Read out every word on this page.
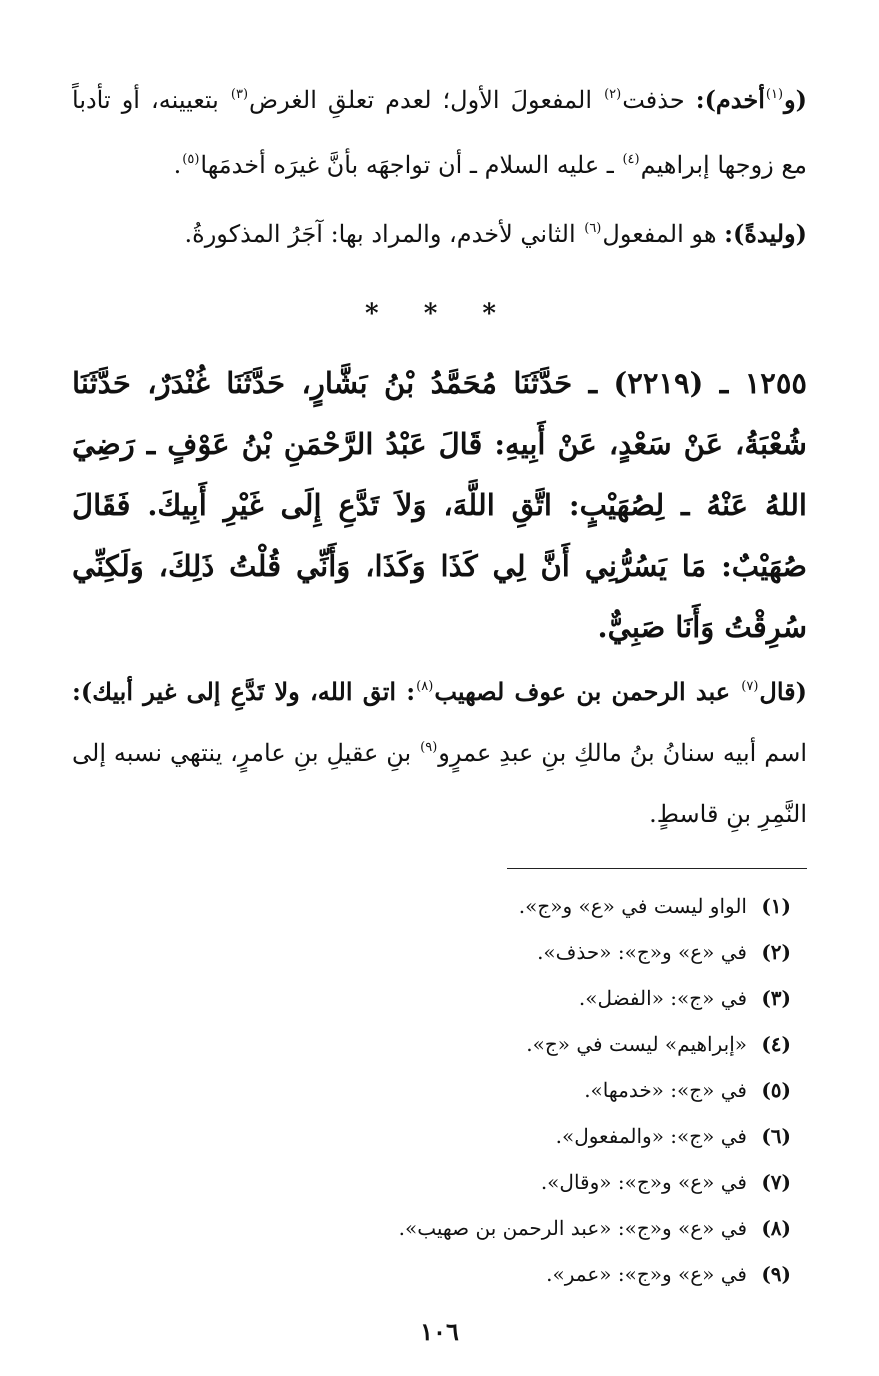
(و$^{(١)}$أخدم): حذفت$^{(٢)}$ المفعولَ الأول؛ لعدم تعلقِ الغرض$^{(٣)}$ بتعيينه، أو تأدباً مع زوجها إبراهيم$^{(٤)}$ ـ عليه السلام ـ أن تواجهَه بأنَّ غيرَه أخدمَها$^{(٥)}$.

(وليدةً): هو المفعول$^{(٦)}$ الثاني لأخدم، والمراد بها: آجَرُ المذكورةُ.

* * *

١٢٥٥ ـ (٢٢١٩) ـ حَدَّثَنَا مُحَمَّدُ بْنُ بَشَّارٍ، حَدَّثَنَا غُنْدَرٌ، حَدَّثَنَا شُعْبَةُ، عَنْ سَعْدٍ، عَنْ أَبِيهِ: قَالَ عَبْدُ الرَّحْمَنِ بْنُ عَوْفٍ ـ رَضِيَ اللهُ عَنْهُ ـ لِصُهَيْبٍ: اتَّقِ اللَّهَ، وَلاَ تَدَّعِ إِلَى غَيْرِ أَبِيكَ. فَقَالَ صُهَيْبٌ: مَا يَسُرُّنِي أَنَّ لِي كَذَا وَكَذَا، وَأَنِّي قُلْتُ ذَلِكَ، وَلَكِنِّي سُرِقْتُ وَأَنَا صَبِيٌّ.

(قال$^{(٧)}$ عبد الرحمن بن عوف لصهيب$^{(٨)}$: اتق الله، ولا تَدَّعِ إلى غير أبيك): اسم أبيه سنانُ بنُ مالكِ بنِ عبدِ عمرٍو$^{(٩)}$ بنِ عقيلِ بنِ عامرٍ، ينتهي نسبه إلى النَّمِرِ بنِ قاسطٍ.

(١)الواو ليست في «ع» و«ج».
(٢)في «ع» و«ج»: «حذف».
(٣)في «ج»: «الفضل».
(٤)«إبراهيم» ليست في «ج».
(٥)في «ج»: «خدمها».
(٦)في «ج»: «والمفعول».
(٧)في «ع» و«ج»: «وقال».
(٨)في «ع» و«ج»: «عبد الرحمن بن صهيب».
(٩)في «ع» و«ج»: «عمر».
١٠٦
